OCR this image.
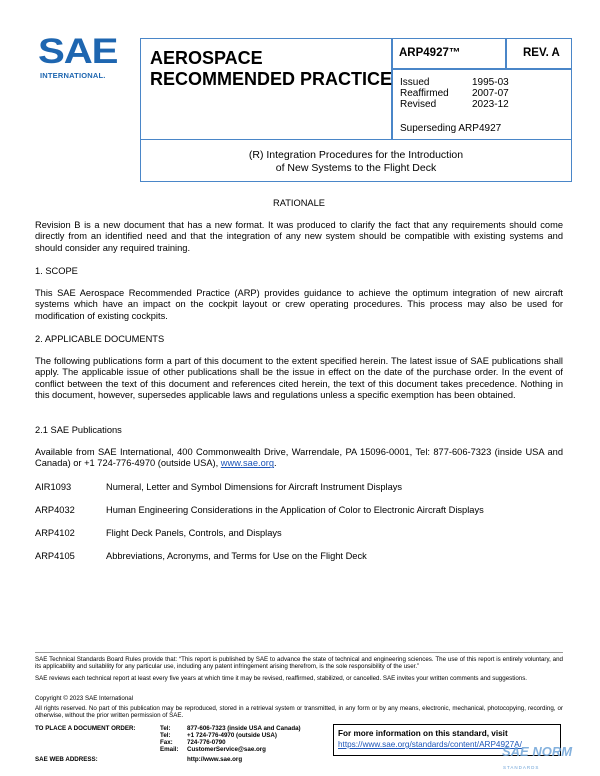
SAE
INTERNATIONAL.
AEROSPACE
RECOMMENDED PRACTICE
ARP4927™	REV. A
Issued	1995-03
Reaffirmed 2007-07
Revised	2023-12
Superseding ARP4927
(R) Integration Procedures for the Introduction
of New Systems to the Flight Deck
RATIONALE
Revision B is a new document that has a new format. It was produced to clarify the fact that any requirements should come directly from an identified need and that the integration of any new system should be compatible with existing systems and should consider any required training.
1. SCOPE
This SAE Aerospace Recommended Practice (ARP) provides guidance to achieve the optimum integration of new aircraft systems which have an impact on the cockpit layout or crew operating procedures. This process may also be used for modification of existing cockpits.
2. APPLICABLE DOCUMENTS
The following publications form a part of this document to the extent specified herein. The latest issue of SAE publications shall apply. The applicable issue of other publications shall be the issue in effect on the date of the purchase order. In the event of conflict between the text of this document and references cited herein, the text of this document takes precedence. Nothing in this document, however, supersedes applicable laws and regulations unless a specific exemption has been obtained.
2.1 SAE Publications
Available from SAE International, 400 Commonwealth Drive, Warrendale, PA 15096-0001, Tel: 877-606-7323 (inside USA and Canada) or +1 724-776-4970 (outside USA), www.sae.org.
AIR1093	Numeral, Letter and Symbol Dimensions for Aircraft Instrument Displays
ARP4032	Human Engineering Considerations in the Application of Color to Electronic Aircraft Displays
ARP4102	Flight Deck Panels, Controls, and Displays
ARP4105	Abbreviations, Acronyms, and Terms for Use on the Flight Deck
SAE Technical Standards Board Rules provide that: “This report is published by SAE to advance the state of technical and engineering sciences. The use of this report is entirely voluntary, and its applicability and suitability for any particular use, including any patent infringement arising therefrom, is the sole responsibility of the user.”
SAE reviews each technical report at least every five years at which time it may be revised, reaffirmed, stabilized, or cancelled. SAE invites your written comments and suggestions.
Copyright © 2023 SAE International
All rights reserved. No part of this publication may be reproduced, stored in a retrieval system or transmitted, in any form or by any means, electronic, mechanical, photocopying, recording, or otherwise, without the prior written permission of SAE.
TO PLACE A DOCUMENT ORDER:	Tel:	877-606-7323 (inside USA and Canada)
Tel:	+1 724-776-4970 (outside USA)
Fax: 724-776-0790
Email: CustomerService@sae.org
SAE WEB ADDRESS:	http://www.sae.org
For more information on this standard, visit
https://www.sae.org/standards/content/ARP4927A/
SAE NORM
STANDARDS
